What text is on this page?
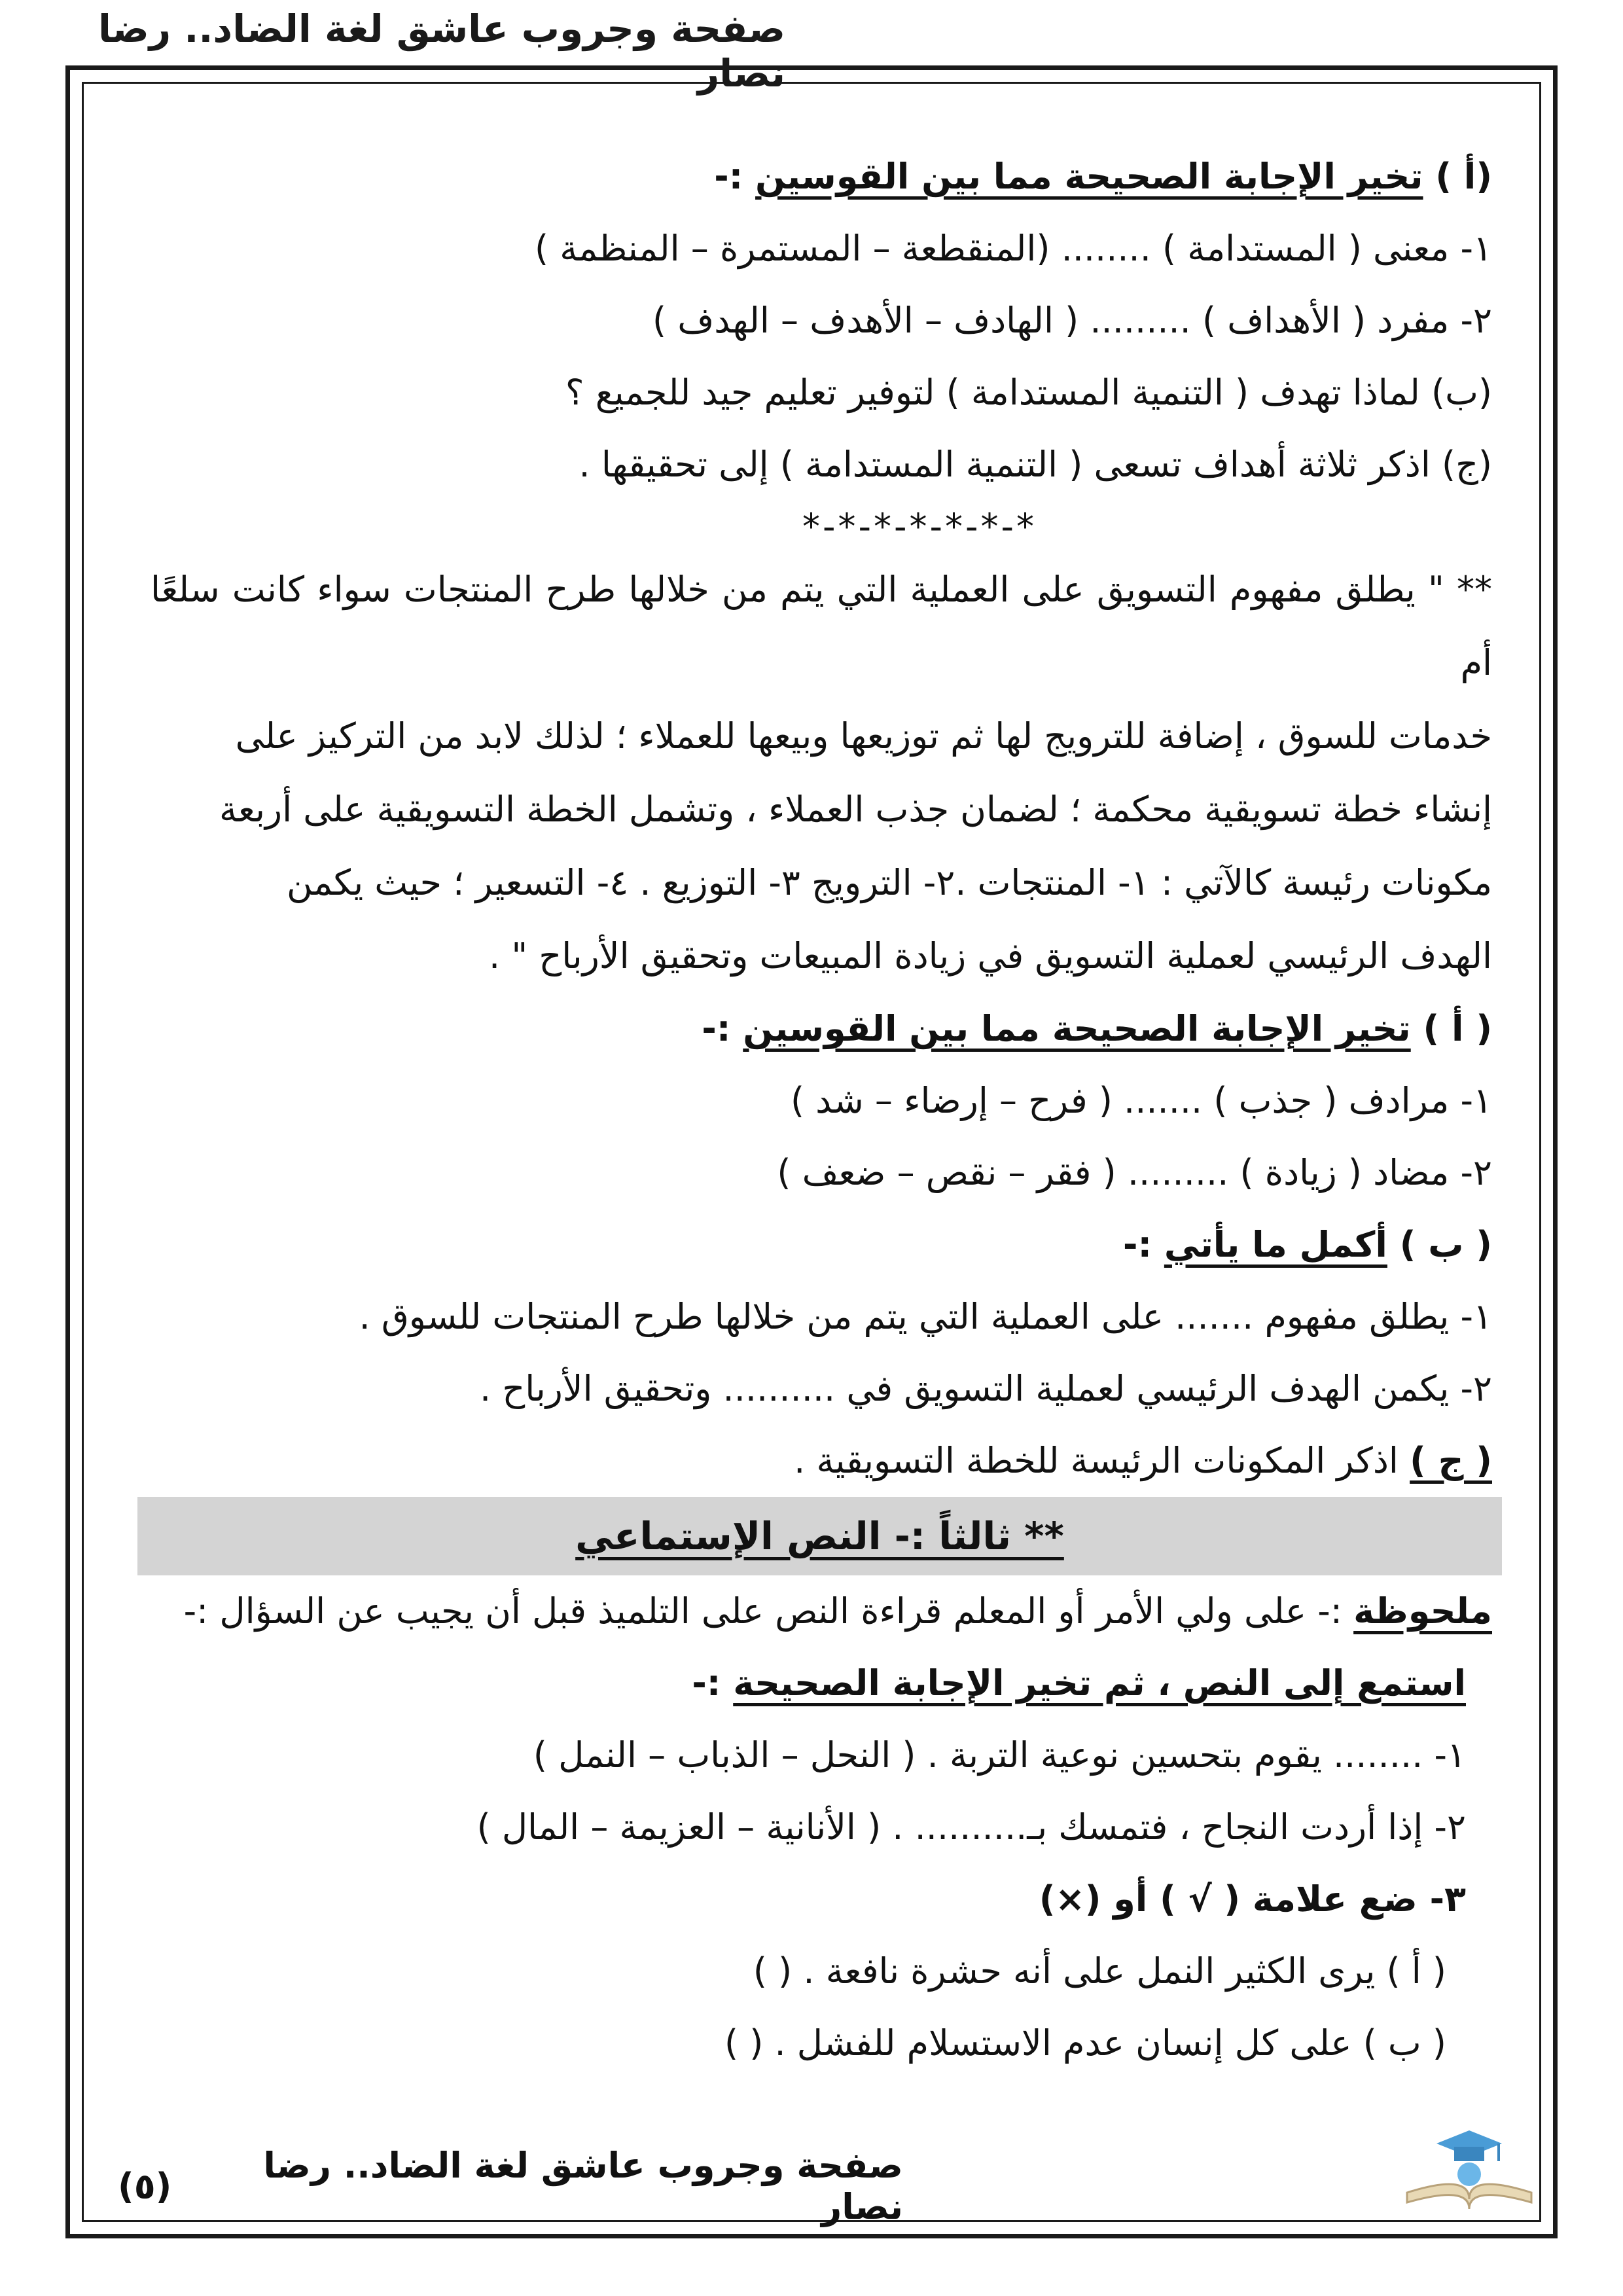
صفحة وجروب عاشق لغة الضاد.. رضا نصار
(أ ) تخير الإجابة الصحيحة مما بين القوسين :-
١- معنى ( المستدامة ) ........ (المنقطعة – المستمرة – المنظمة )
٢- مفرد ( الأهداف ) ......... ( الهادف – الأهدف – الهدف )
(ب) لماذا تهدف ( التنمية المستدامة ) لتوفير تعليم جيد للجميع ؟
(ج) اذكر ثلاثة أهداف تسعى ( التنمية المستدامة ) إلى تحقيقها .
*-*-*-*-*-*-*

** " يطلق مفهوم التسويق على العملية التي يتم من خلالها طرح المنتجات سواء كانت سلعًا أم

خدمات للسوق ، إضافة للترويج لها ثم توزيعها وبيعها للعملاء ؛ لذلك لابد من التركيز على

إنشاء خطة تسويقية محكمة ؛ لضمان جذب العملاء ، وتشمل الخطة التسويقية على أربعة

مكونات رئيسة كالآتي : ١- المنتجات .٢- الترويج ٣- التوزيع . ٤- التسعير ؛ حيث يكمن

الهدف الرئيسي لعملية التسويق في زيادة المبيعات وتحقيق الأرباح " .

( أ ) تخير الإجابة الصحيحة مما بين القوسين :-
١- مرادف ( جذب ) ....... ( فرح – إرضاء – شد )
٢- مضاد ( زيادة ) ......... ( فقر – نقص – ضعف )
( ب ) أكمل ما يأتي :-
١- يطلق مفهوم ....... على العملية التي يتم من خلالها طرح المنتجات للسوق .
٢- يكمن الهدف الرئيسي لعملية التسويق في .......... وتحقيق الأرباح .
( ج ) اذكر المكونات الرئيسة للخطة التسويقية .
** ثالثاً :- النص الإستماعي
ملحوظة :- على ولي الأمر أو المعلم قراءة النص على التلميذ قبل أن يجيب عن السؤال :-
استمع إلى النص ، ثم تخير الإجابة الصحيحة :-
١- ........ يقوم بتحسين نوعية التربة . ( النحل – الذباب – النمل )
٢- إذا أردت النجاح ، فتمسك بـ.......... . ( الأنانية – العزيمة – المال )
٣- ضع علامة ( √ ) أو (×)
( أ ) يرى الكثير النمل على أنه حشرة نافعة . ( )
( ب ) على كل إنسان عدم الاستسلام للفشل . ( )
صفحة وجروب عاشق لغة الضاد.. رضا نصار
(٥)
